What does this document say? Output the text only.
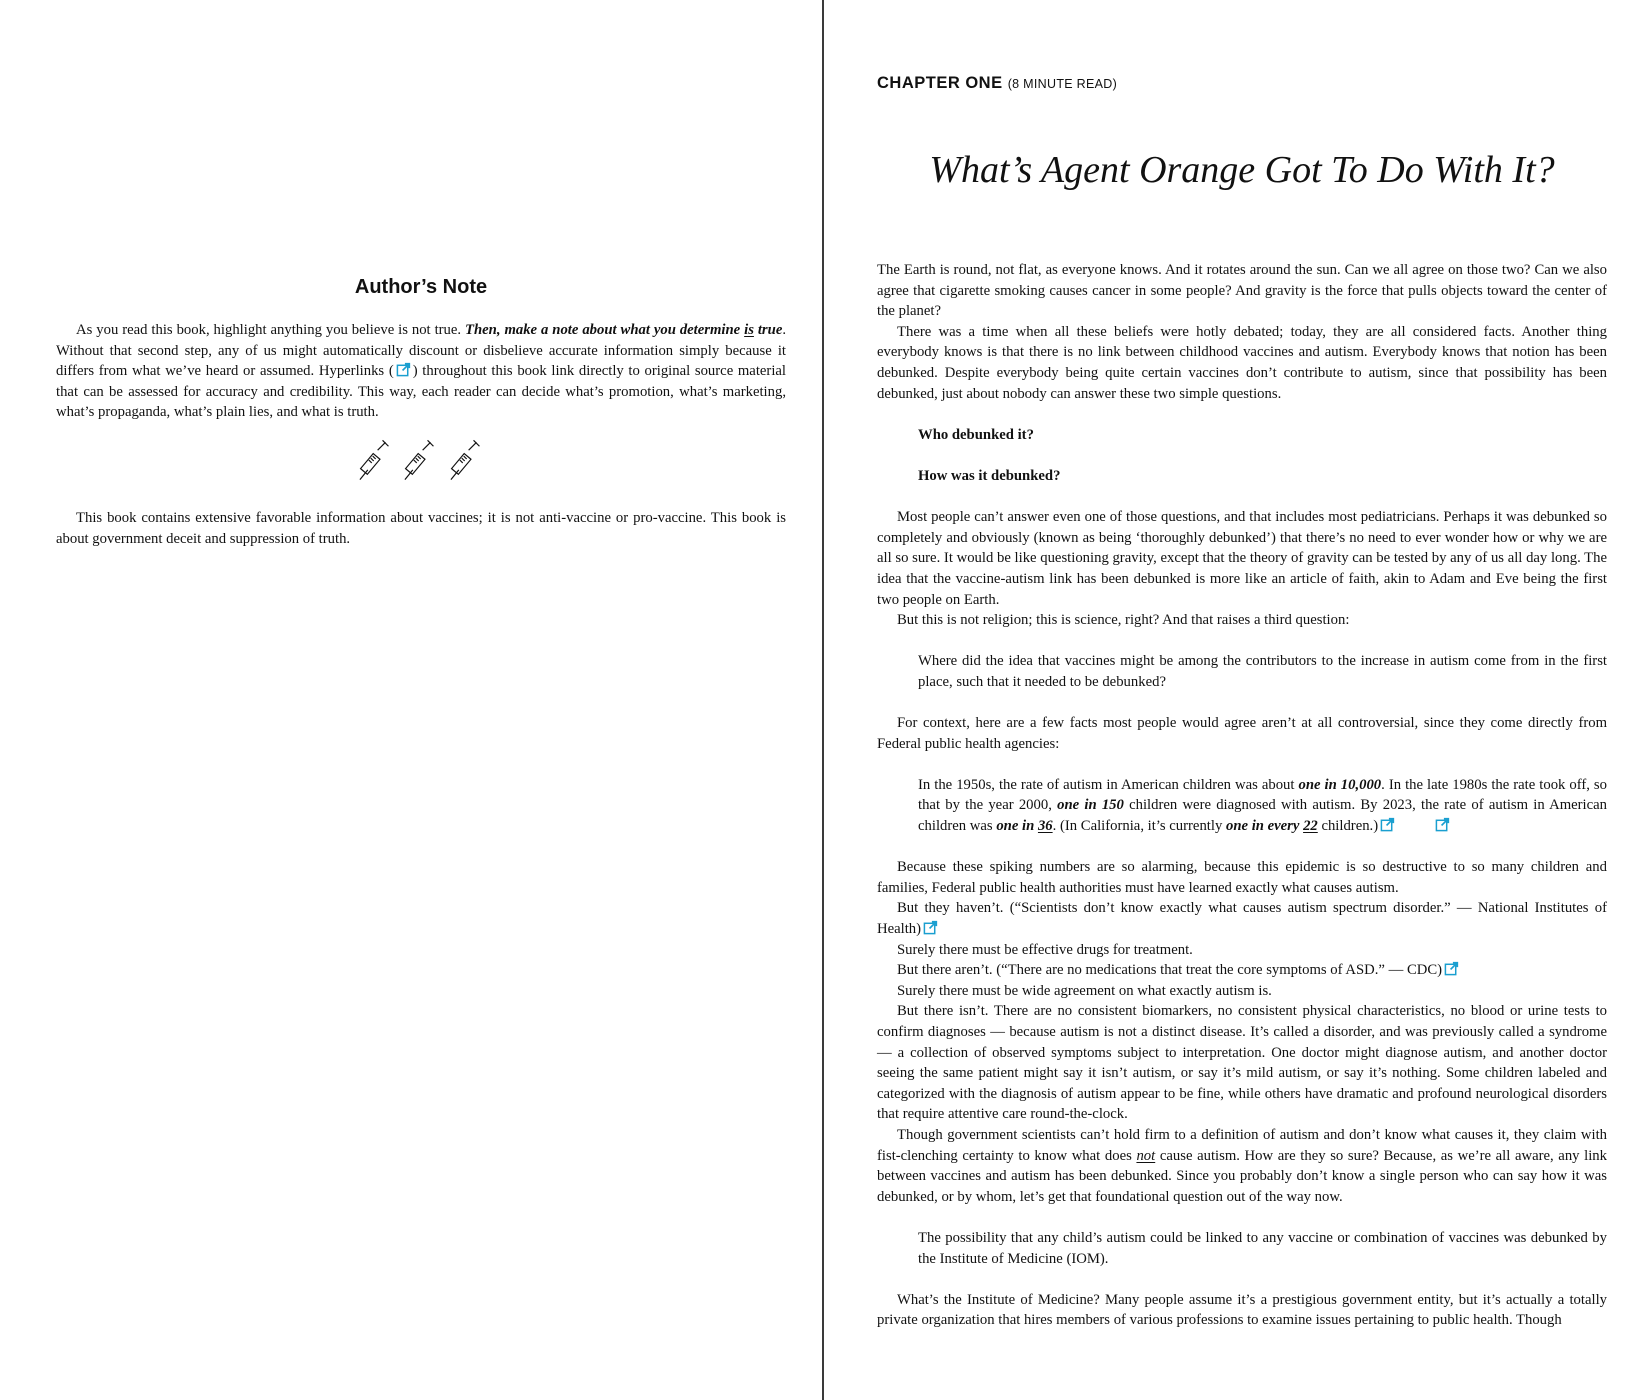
Author’s Note

As you read this book, highlight anything you believe is not true. Then, make a note about what you determine is true. Without that second step, any of us might automatically discount or disbelieve accurate information simply because it differs from what we’ve heard or assumed. Hyperlinks ( ) throughout this book link directly to original source material that can be assessed for accuracy and credibility. This way, each reader can decide what’s promotion, what’s marketing, what’s propaganda, what’s plain lies, and what is truth.

This book contains extensive favorable information about vaccines; it is not anti-vaccine or pro-vaccine. This book is about government deceit and suppression of truth.

CHAPTER ONE (8 MINUTE READ)

What’s Agent Orange Got To Do With It?

The Earth is round, not flat, as everyone knows. And it rotates around the sun. Can we all agree on those two? Can we also agree that cigarette smoking causes cancer in some people? And gravity is the force that pulls objects toward the center of the planet?

There was a time when all these beliefs were hotly debated; today, they are all considered facts. Another thing everybody knows is that there is no link between childhood vaccines and autism. Everybody knows that notion has been debunked. Despite everybody being quite certain vaccines don’t contribute to autism, since that possibility has been debunked, just about nobody can answer these two simple questions.

Who debunked it?

How was it debunked?

Most people can’t answer even one of those questions, and that includes most pediatricians. Perhaps it was debunked so completely and obviously (known as being ‘thoroughly debunked’) that there’s no need to ever wonder how or why we are all so sure. It would be like questioning gravity, except that the theory of gravity can be tested by any of us all day long. The idea that the vaccine-autism link has been debunked is more like an article of faith, akin to Adam and Eve being the first two people on Earth.

But this is not religion; this is science, right? And that raises a third question:

Where did the idea that vaccines might be among the contributors to the increase in autism come from in the first place, such that it needed to be debunked?

For context, here are a few facts most people would agree aren’t at all controversial, since they come directly from Federal public health agencies:

In the 1950s, the rate of autism in American children was about one in 10,000. In the late 1980s the rate took off, so that by the year 2000, one in 150 children were diagnosed with autism. By 2023, the rate of autism in American children was one in 36. (In California, it’s currently one in every 22 children.)

Because these spiking numbers are so alarming, because this epidemic is so destructive to so many children and families, Federal public health authorities must have learned exactly what causes autism.

But they haven’t. (“Scientists don’t know exactly what causes autism spectrum disorder.” — National Institutes of Health)

Surely there must be effective drugs for treatment.

But there aren’t. (“There are no medications that treat the core symptoms of ASD.” — CDC)

Surely there must be wide agreement on what exactly autism is.

But there isn’t. There are no consistent biomarkers, no consistent physical characteristics, no blood or urine tests to confirm diagnoses — because autism is not a distinct disease. It’s called a disorder, and was previously called a syndrome — a collection of observed symptoms subject to interpretation. One doctor might diagnose autism, and another doctor seeing the same patient might say it isn’t autism, or say it’s mild autism, or say it’s nothing. Some children labeled and categorized with the diagnosis of autism appear to be fine, while others have dramatic and profound neurological disorders that require attentive care round-the-clock.

Though government scientists can’t hold firm to a definition of autism and don’t know what causes it, they claim with fist-clenching certainty to know what does not cause autism. How are they so sure? Because, as we’re all aware, any link between vaccines and autism has been debunked. Since you probably don’t know a single person who can say how it was debunked, or by whom, let’s get that foundational question out of the way now.

The possibility that any child’s autism could be linked to any vaccine or combination of vaccines was debunked by the Institute of Medicine (IOM).

What’s the Institute of Medicine? Many people assume it’s a prestigious government entity, but it’s actually a totally private organization that hires members of various professions to examine issues pertaining to public health. Though
